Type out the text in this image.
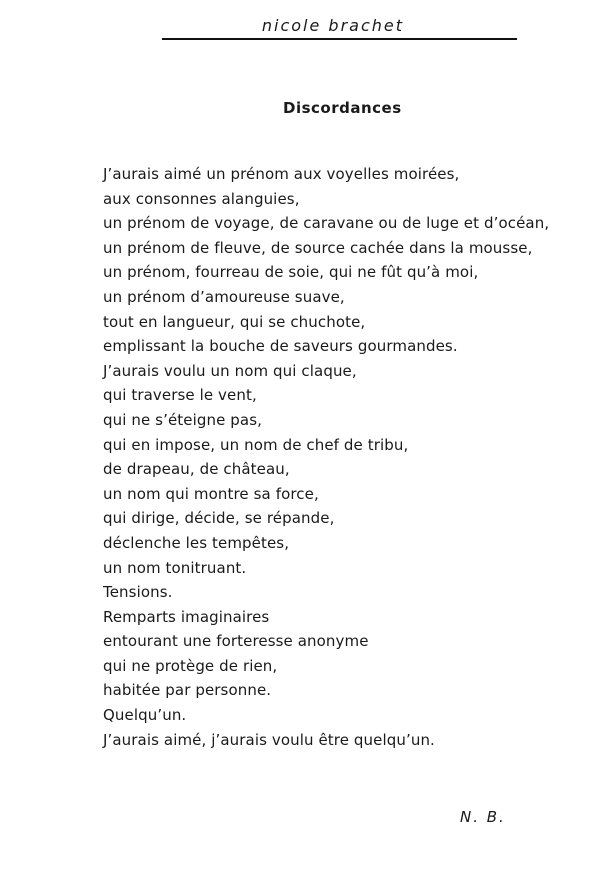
nicole brachet
Discordances
J’aurais aimé un prénom aux voyelles moirées,
aux consonnes alanguies,
un prénom de voyage, de caravane ou de luge et d’océan,
un prénom de fleuve, de source cachée dans la mousse,
un prénom, fourreau de soie, qui ne fût qu’à moi,
un prénom d’amoureuse suave,
tout en langueur, qui se chuchote,
emplissant la bouche de saveurs gourmandes.
J’aurais voulu un nom qui claque,
qui traverse le vent,
qui ne s’éteigne pas,
qui en impose, un nom de chef de tribu,
de drapeau, de château,
un nom qui montre sa force,
qui dirige, décide, se répande,
déclenche les tempêtes,
un nom tonitruant.
Tensions.
Remparts imaginaires
entourant une forteresse anonyme
qui ne protège de rien,
habitée par personne.
Quelqu’un.
J’aurais aimé, j’aurais voulu être quelqu’un.
N. B.
